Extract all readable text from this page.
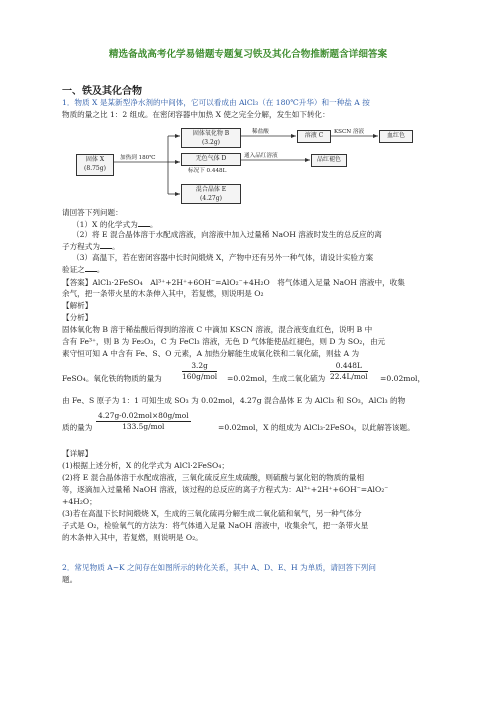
精选备战高考化学易错题专题复习铁及其化合物推断题含详细答案
一、铁及其化合物
1．物质 X 是某新型净水剂的中间体，它可以看成由 AlCl₃（在 180℃升华）和一种盐 A 按
物质的量之比 1：2 组成。在密闭容器中加热 X 使之完全分解，发生如下转化：
固体 X
(8.75g)
加热到 180℃
固体氧化物 B
(3.2g)
稀盐酸	溶液 C	KSCN 溶液	血红色
无色气体 D
标况下 0.448L
通入品红溶液	品红褪色
混合晶体 E
(4.27g)
请回答下列问题：
（1）X 的化学式为 。
（2）将 E 混合晶体溶于水配成溶液，向溶液中加入过量稀 NaOH 溶液时发生的总反应的离
子方程式为 。
（3）高温下，若在密闭容器中长时间煅烧 X，产物中还有另外一种气体，请设计实验方案
验证之 。
【答案】AlCl₃·2FeSO₄　Al³⁺+2H⁺+6OH⁻=AlO₂⁻+4H₂O　将气体通入足量 NaOH 溶液中，收集
余气，把一条带火星的木条伸入其中，若复燃，则说明是 O₂
【解析】
【分析】
固体氧化物 B 溶于稀盐酸后得到的溶液 C 中滴加 KSCN 溶液，混合液变血红色，说明 B 中
含有 Fe³⁺，则 B 为 Fe₂O₃，C 为 FeCl₃ 溶液，无色 D 气体能使品红褪色，则 D 为 SO₂，由元
素守恒可知 A 中含有 Fe、S、O 元素，A 加热分解能生成氧化铁和二氧化硫，则盐 A 为
FeSO₄。氧化铁的物质的量为
3.2g
160g/mol =0.02mol，生成二氧化硫为
0.448L
22.4L/mol =0.02mol，
由 Fe、S 原子为 1：1 可知生成 SO₃ 为 0.02mol，4.27g 混合晶体 E 为 AlCl₃ 和 SO₃，AlCl₃ 的物
质的量为
4.27g-0.02mol×80g/mol
133.5g/mol	=0.02mol，X 的组成为 AlCl₃·2FeSO₄，以此解答该题。
【详解】
(1)根据上述分析，X 的化学式为 AlCl·2FeSO₄；
(2)将 E 混合晶体溶于水配成溶液，三氧化硫反应生成硫酸，则硫酸与氯化铝的物质的量相
等，逐滴加入过量稀 NaOH 溶液，该过程的总反应的离子方程式为：Al³⁺+2H⁺+6OH⁻=AlO₂⁻
+4H₂O；
(3)若在高温下长时间煅烧 X，生成的三氧化硫再分解生成二氧化硫和氧气，另一种气体分
子式是 O₂，检验氧气的方法为：将气体通入足量 NaOH 溶液中，收集余气，把一条带火星
的木条伸入其中，若复燃，则说明是 O₂。
2．常见物质 A~K 之间存在如图所示的转化关系，其中 A、D、E、H 为单质，请回答下列问
题。
